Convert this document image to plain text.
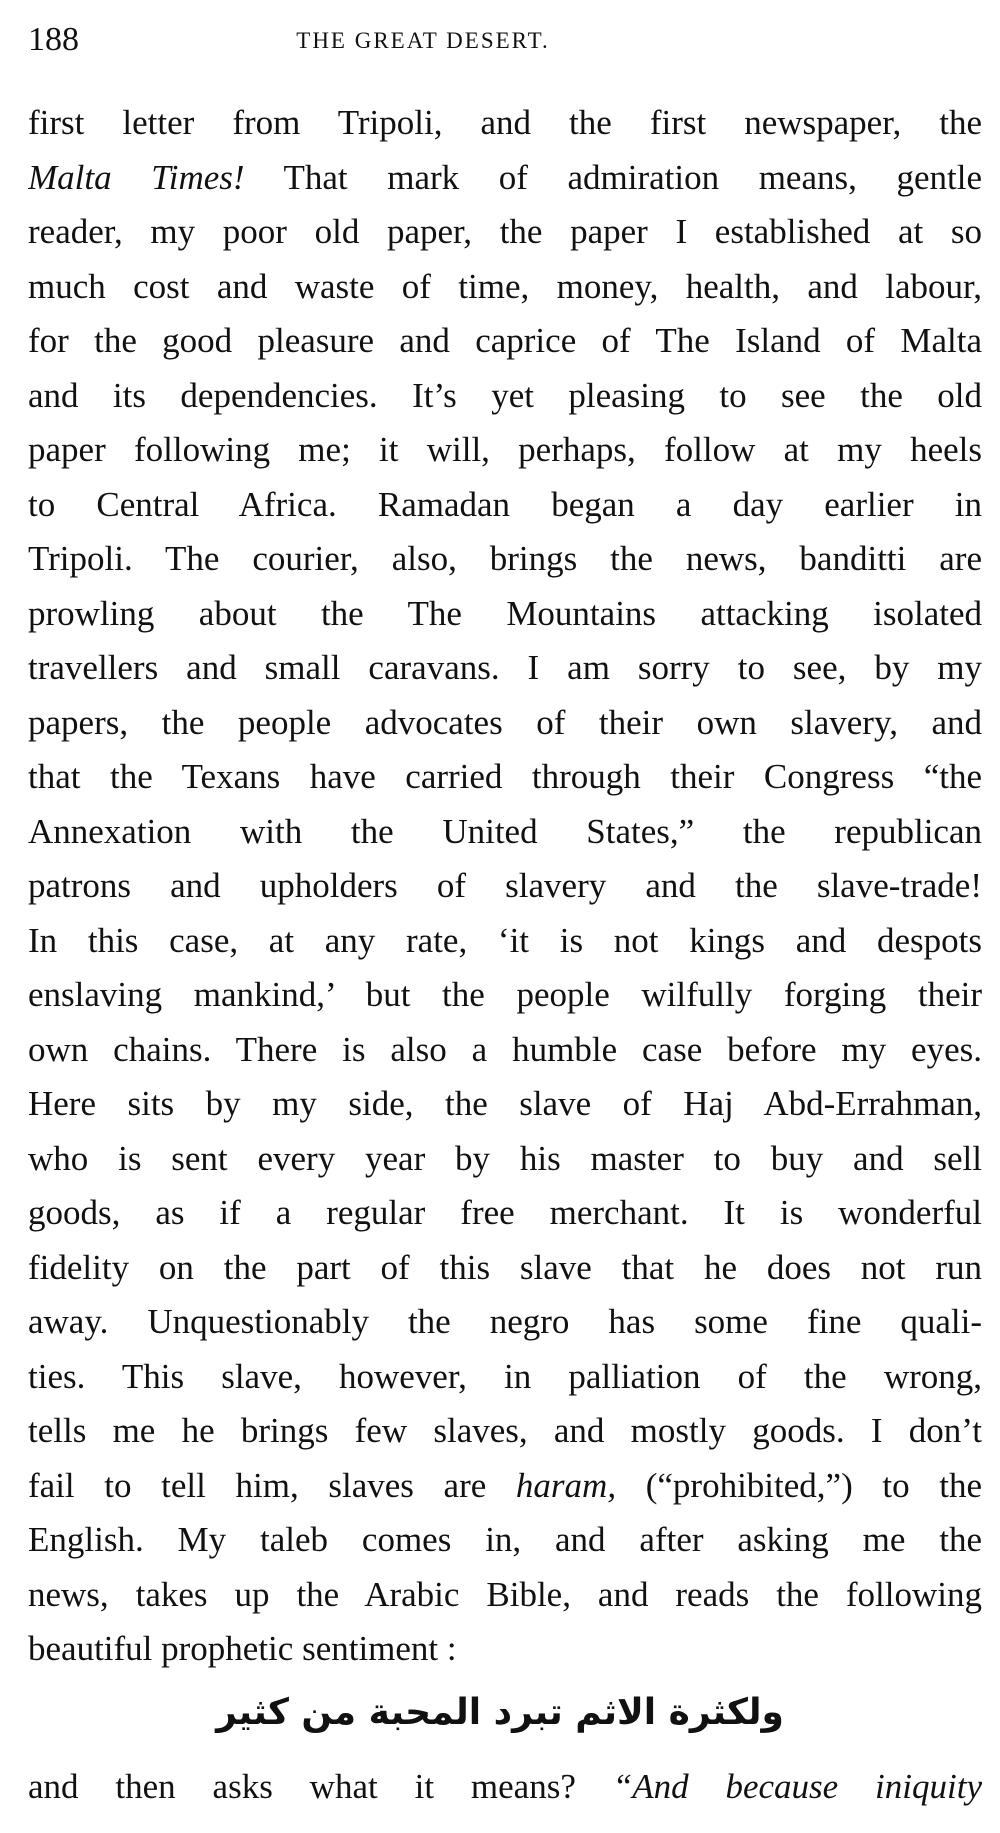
188	THE GREAT DESERT.
first letter from Tripoli, and the first newspaper, the
Malta Times! That mark of admiration means, gentle
reader, my poor old paper, the paper I established at so
much cost and waste of time, money, health, and labour,
for the good pleasure and caprice of The Island of Malta
and its dependencies. It’s yet pleasing to see the old
paper following me; it will, perhaps, follow at my heels
to Central Africa. Ramadan began a day earlier in
Tripoli. The courier, also, brings the news, banditti are
prowling about the The Mountains attacking isolated
travellers and small caravans. I am sorry to see, by my
papers, the people advocates of their own slavery, and
that the Texans have carried through their Congress “the
Annexation with the United States,” the republican
patrons and upholders of slavery and the slave-trade!
In this case, at any rate, ‘it is not kings and despots
enslaving mankind,’ but the people wilfully forging their
own chains. There is also a humble case before my eyes.
Here sits by my side, the slave of Haj Abd-Errahman,
who is sent every year by his master to buy and sell
goods, as if a regular free merchant. It is wonderful
fidelity on the part of this slave that he does not run
away. Unquestionably the negro has some fine quali-
ties. This slave, however, in palliation of the wrong,
tells me he brings few slaves, and mostly goods. I don’t
fail to tell him, slaves are haram, (“prohibited,”) to the
English. My taleb comes in, and after asking me the
news, takes up the Arabic Bible, and reads the following
beautiful prophetic sentiment :
ولكثرة الاثم تبرد المحبة من كثير
and then asks what it means? “And because iniquity
